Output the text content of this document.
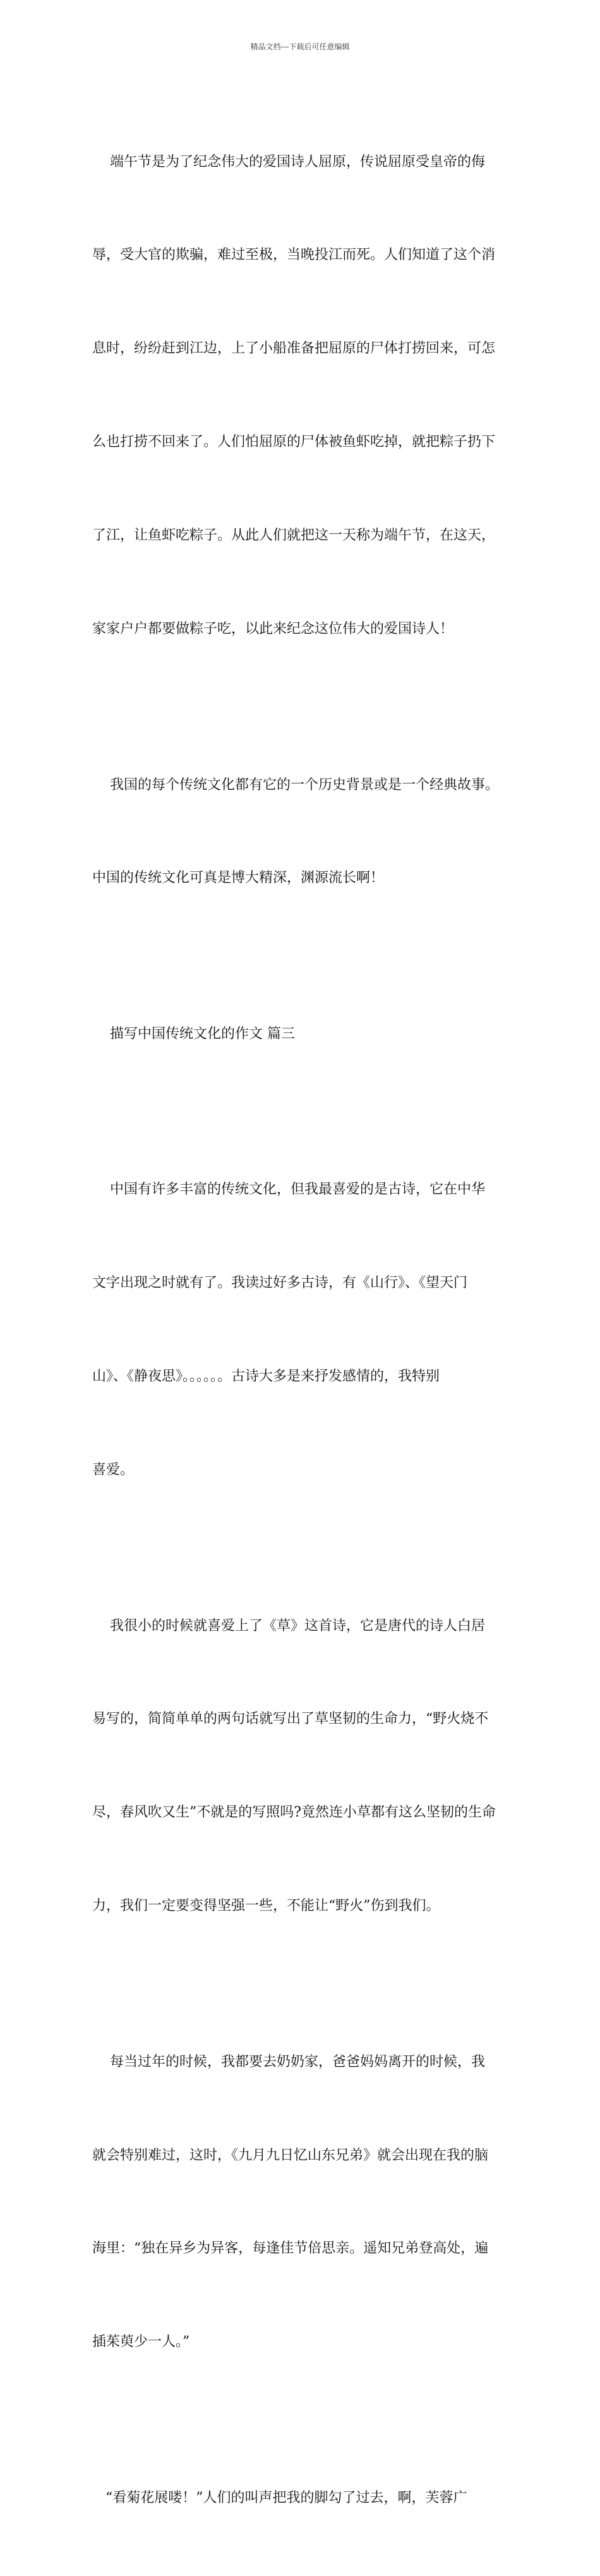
精品文档---下载后可任意编辑

端午节是为了纪念伟大的爱国诗人屈原，传说屈原受皇帝的侮

辱，受大官的欺骗，难过至极，当晚投江而死。人们知道了这个消

息时，纷纷赶到江边，上了小船准备把屈原的尸体打捞回来，可怎

么也打捞不回来了。人们怕屈原的尸体被鱼虾吃掉，就把粽子扔下

了江，让鱼虾吃粽子。从此人们就把这一天称为端午节，在这天，

家家户户都要做粽子吃，以此来纪念这位伟大的爱国诗人！

我国的每个传统文化都有它的一个历史背景或是一个经典故事。

中国的传统文化可真是博大精深，渊源流长啊！

描写中国传统文化的作文 篇三

中国有许多丰富的传统文化，但我最喜爱的是古诗，它在中华

文字出现之时就有了。我读过好多古诗，有《山行》、《望天门

山》、《静夜思》。。。。。。古诗大多是来抒发感情的，我特别

喜爱。

我很小的时候就喜爱上了《草》这首诗，它是唐代的诗人白居

易写的，简简单单的两句话就写出了草坚韧的生命力，“野火烧不

尽，春风吹又生”不就是的写照吗?竟然连小草都有这么坚韧的生命

力，我们一定要变得坚强一些，不能让“野火”伤到我们。

每当过年的时候，我都要去奶奶家，爸爸妈妈离开的时候，我

就会特别难过，这时，《九月九日忆山东兄弟》就会出现在我的脑

海里：“独在异乡为异客，每逢佳节倍思亲。遥知兄弟登高处，遍

插茱萸少一人。”

“看菊花展喽！”人们的叫声把我的脚勾了过去，啊，芙蓉广
